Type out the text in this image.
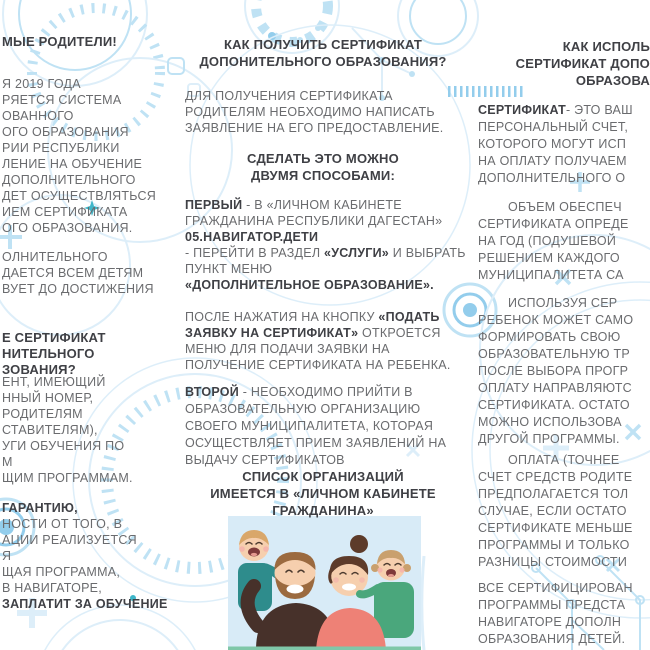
МЫЕ РОДИТЕЛИ!
Я 2019 ГОДА
РЯЕТСЯ СИСТЕМА
ОВАННОГО
ОГО ОБРАЗОВАНИЯ
РИИ РЕСПУБЛИКИ
ЛЕНИЕ НА ОБУЧЕНИЕ
ДОПОЛНИТЕЛЬНОГО
ДЕТ ОСУЩЕСТВЛЯТЬСЯ
ИЕМ СЕРТИФИКАТА
ОГО ОБРАЗОВАНИЯ.
ОЛНИТЕЛЬНОГО
ДАЕТСЯ ВСЕМ ДЕТЯМ
ВУЕТ ДО ДОСТИЖЕНИЯ
Е СЕРТИФИКАТ
НИТЕЛЬНОГО
ЗОВАНИЯ?
ЕНТ, ИМЕЮЩИЙ
ННЫЙ НОМЕР,
РОДИТЕЛЯМ
СТАВИТЕЛЯМ),
УГИ ОБУЧЕНИЯ ПО
М
ЩИМ ПРОГРАММАМ.
ГАРАНТИЮ,
НОСТИ ОТ ТОГО, В
АЦИИ РЕАЛИЗУЕТСЯ
Я
ЩАЯ ПРОГРАММА,
В НАВИГАТОРЕ,
ЗАПЛАТИТ ЗА ОБУЧЕНИЕ
КАК ПОЛУЧИТЬ СЕРТИФИКАТ
ДОПОНИТЕЛЬНОГО ОБРАЗОВАНИЯ?
ДЛЯ ПОЛУЧЕНИЯ СЕРТИФИКАТА
РОДИТЕЛЯМ НЕОБХОДИМО НАПИСАТЬ
ЗАЯВЛЕНИЕ НА ЕГО ПРЕДОСТАВЛЕНИЕ.
СДЕЛАТЬ ЭТО МОЖНО
ДВУМЯ СПОСОБАМИ:
ПЕРВЫЙ - В «ЛИЧНОМ КАБИНЕТЕ
ГРАЖДАНИНА РЕСПУБЛИКИ ДАГЕСТАН»
05.НАВИГАТОР.ДЕТИ
- ПЕРЕЙТИ В РАЗДЕЛ «УСЛУГИ» И ВЫБРАТЬ
ПУНКТ МЕНЮ
«ДОПОЛНИТЕЛЬНОЕ ОБРАЗОВАНИЕ».
ПОСЛЕ НАЖАТИЯ НА КНОПКУ «ПОДАТЬ
ЗАЯВКУ НА СЕРТИФИКАТ» ОТКРОЕТСЯ
МЕНЮ ДЛЯ ПОДАЧИ ЗАЯВКИ НА
ПОЛУЧЕНИЕ СЕРТИФИКАТА НА РЕБЕНКА.
ВТОРОЙ - НЕОБХОДИМО ПРИЙТИ В
ОБРАЗОВАТЕЛЬНУЮ ОРГАНИЗАЦИЮ
СВОЕГО МУНИЦИПАЛИТЕТА, КОТОРАЯ
ОСУЩЕСТВЛЯЕТ ПРИЕМ ЗАЯВЛЕНИЙ НА
ВЫДАЧУ СЕРТИФИКАТОВ
СПИСОК ОРГАНИЗАЦИЙ
ИМЕЕТСЯ В «ЛИЧНОМ КАБИНЕТЕ
ГРАЖДАНИНА»
КАК ИСПОЛЬ
СЕРТИФИКАТ ДОПО
ОБРАЗОВА
СЕРТИФИКАТ- ЭТО ВАШ
ПЕРСОНАЛЬНЫЙ СЧЕТ,
КОТОРОГО МОГУТ ИСП
НА ОПЛАТУ ПОЛУЧАЕМ
ДОПОЛНИТЕЛЬНОГО О
ОБЪЕМ ОБЕСПЕЧ
СЕРТИФИКАТА ОПРЕДЕ
НА ГОД (ПОДУШЕВОЙ
РЕШЕНИЕМ КАЖДОГО
МУНИЦИПАЛИТЕТА СА
ИСПОЛЬЗУЯ СЕР
РЕБЕНОК МОЖЕТ САМО
ФОРМИРОВАТЬ СВОЮ
ОБРАЗОВАТЕЛЬНУЮ ТР
ПОСЛЕ ВЫБОРА ПРОГР
ОПЛАТУ НАПРАВЛЯЮТС
СЕРТИФИКАТА. ОСТАТО
МОЖНО ИСПОЛЬЗОВА
ДРУГОЙ ПРОГРАММЫ.
ОПЛАТА (ТОЧНЕЕ
СЧЕТ СРЕДСТВ РОДИТЕ
ПРЕДПОЛАГАЕТСЯ ТОЛ
СЛУЧАЕ, ЕСЛИ ОСТАТО
СЕРТИФИКАТЕ МЕНЬШЕ
ПРОГРАММЫ И ТОЛЬКО
РАЗНИЦЫ СТОИМОСТИ
ВСЕ СЕРТИФИЦИРОВАН
ПРОГРАММЫ ПРЕДСТА
НАВИГАТОРЕ ДОПОЛН
ОБРАЗОВАНИЯ ДЕТЕЙ.
